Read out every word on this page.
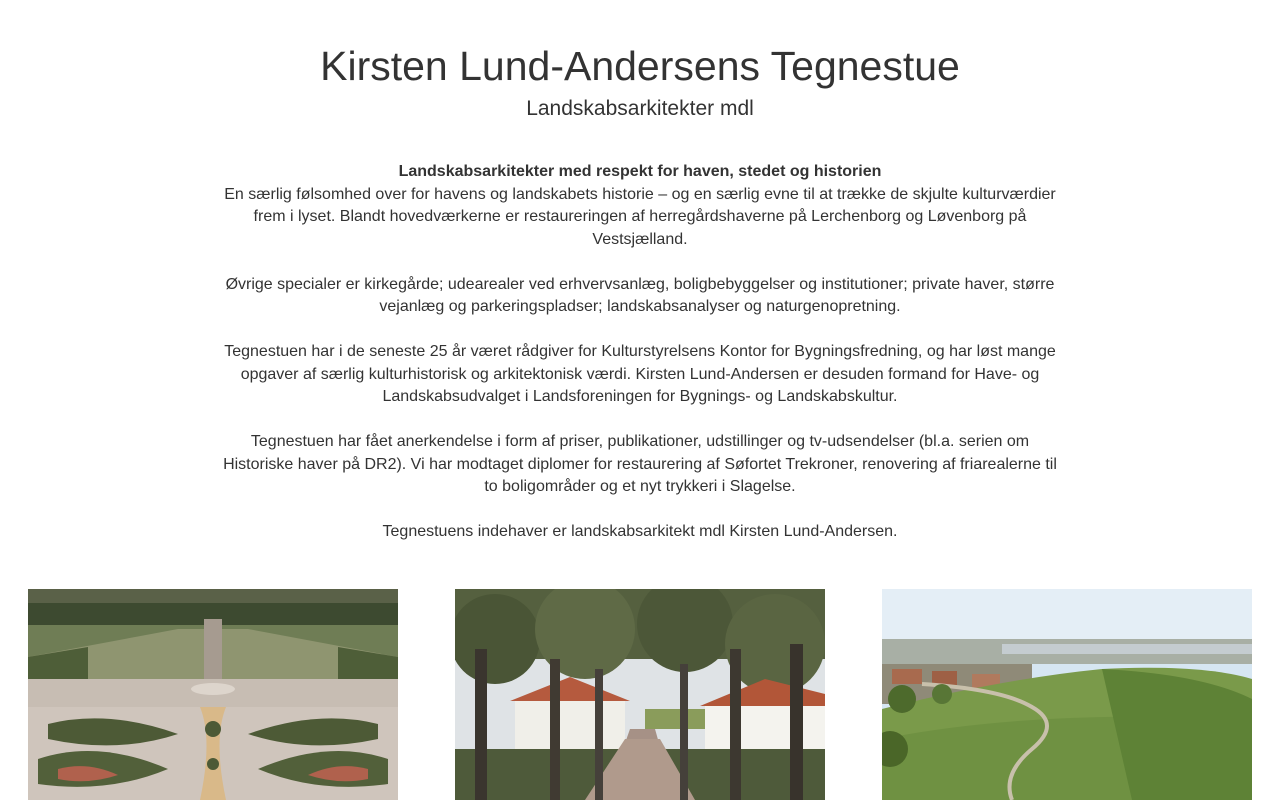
Kirsten Lund-Andersens Tegnestue
Landskabsarkitekter mdl

Landskabsarkitekter med respekt for haven, stedet og historien
En særlig følsomhed over for havens og landskabets historie – og en særlig evne til at trække de skjulte kulturværdier frem i lyset. Blandt hovedværkerne er restaureringen af herregårdshaverne på Lerchenborg og Løvenborg på Vestsjælland.

Øvrige specialer er kirkegårde; udearealer ved erhvervsanlæg, boligbebyggelser og institutioner; private haver, større vejanlæg og parkeringspladser; landskabsanalyser og naturgenopretning.

Tegnestuen har i de seneste 25 år været rådgiver for Kulturstyrelsens Kontor for Bygningsfredning, og har løst mange opgaver af særlig kulturhistorisk og arkitektonisk værdi. Kirsten Lund-Andersen er desuden formand for Have- og Landskabsudvalget i Landsforeningen for Bygnings- og Landskabskultur.

Tegnestuen har fået anerkendelse i form af priser, publikationer, udstillinger og tv-udsendelser (bl.a. serien om Historiske haver på DR2). Vi har modtaget diplomer for restaurering af Søfortet Trekroner, renovering af friarealerne til to boligområder og et nyt trykkeri i Slagelse.

Tegnestuens indehaver er landskabsarkitekt mdl Kirsten Lund-Andersen.
